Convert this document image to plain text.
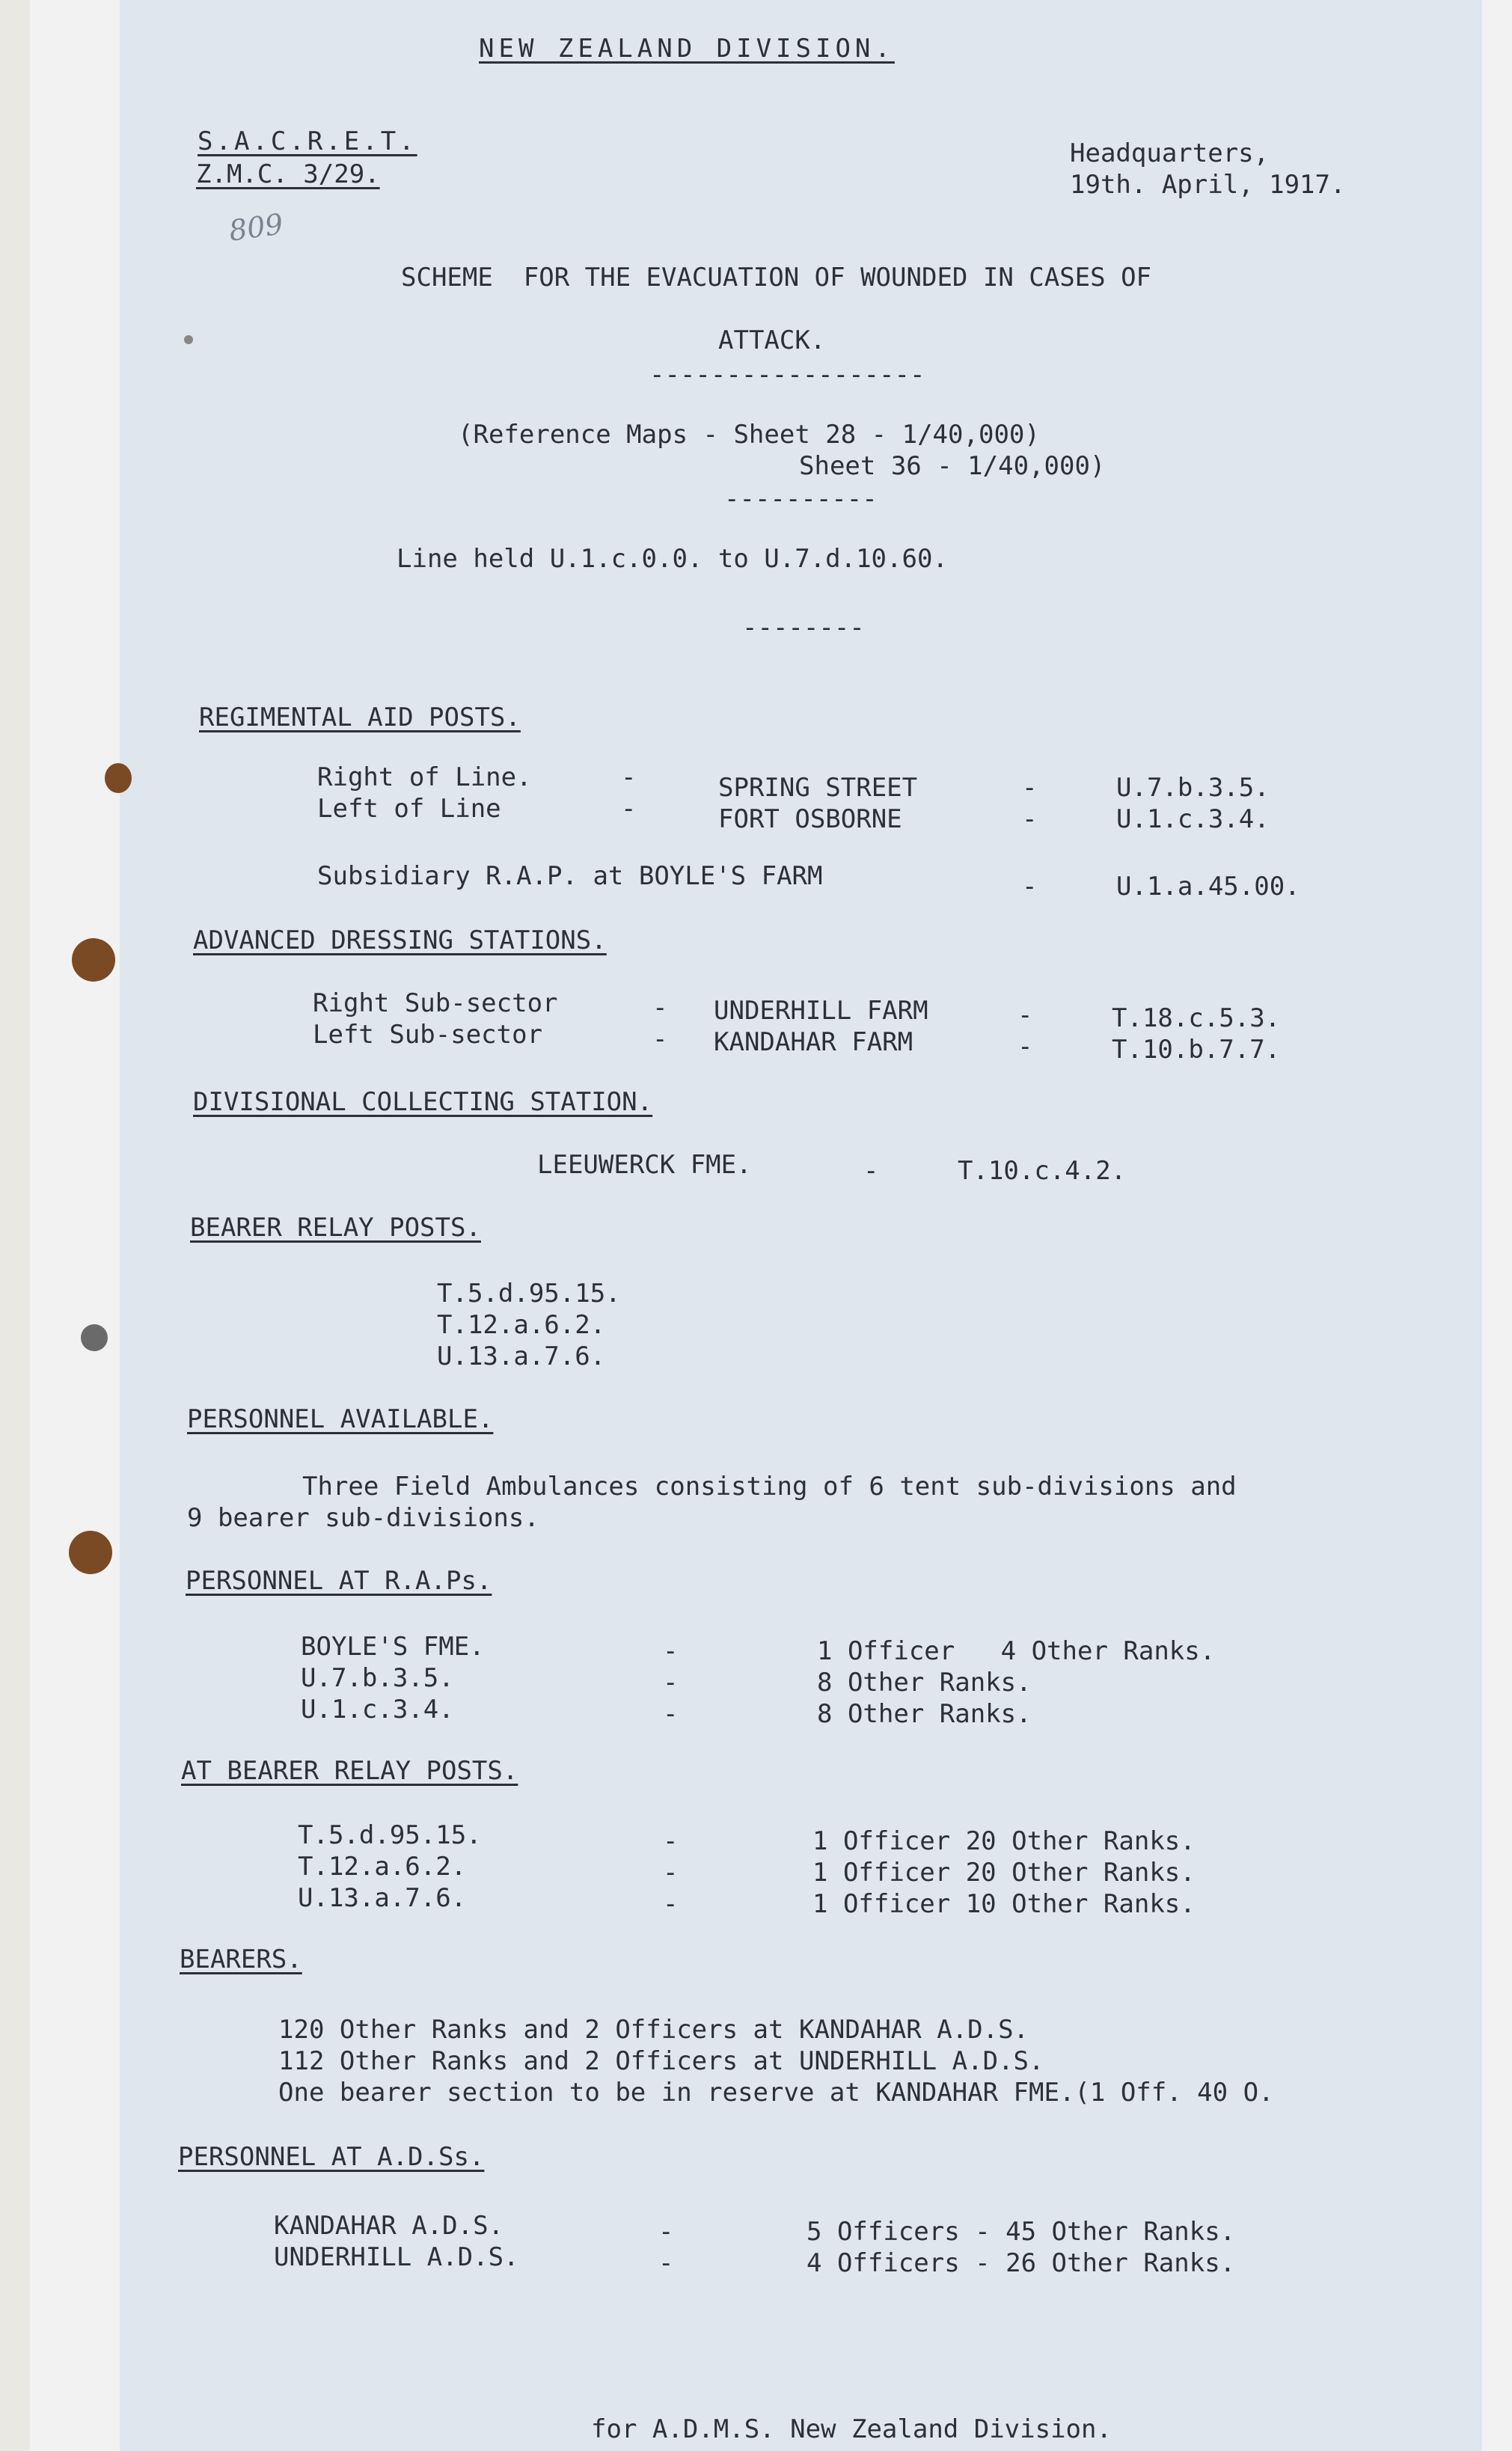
NEW ZEALAND DIVISION.
S.A.C.R.E.T.
Z.M.C. 3/29.
809
Headquarters,
19th. April, 1917.
SCHEME  FOR THE EVACUATION OF WOUNDED IN CASES OF
ATTACK.
------------------
(Reference Maps - Sheet 28 - 1/40,000)
Sheet 36 - 1/40,000)
----------
Line held U.1.c.0.0. to U.7.d.10.60.
--------
REGIMENTAL AID POSTS.
Right of Line.	-	SPRING STREET	-	U.7.b.3.5.
Left of Line	-	FORT OSBORNE	-	U.1.c.3.4.
Subsidiary R.A.P. at BOYLE'S FARM	-	U.1.a.45.00.
ADVANCED DRESSING STATIONS.
Right Sub-sector	- UNDERHILL FARM	-	T.18.c.5.3.
Left Sub-sector	- KANDAHAR FARM	-	T.10.b.7.7.
DIVISIONAL COLLECTING STATION.
LEEUWERCK FME.	-	T.10.c.4.2.
BEARER RELAY POSTS.
T.5.d.95.15.
T.12.a.6.2.
U.13.a.7.6.
PERSONNEL AVAILABLE.
Three Field Ambulances consisting of 6 tent sub-divisions and
9 bearer sub-divisions.
PERSONNEL AT R.A.Ps.
BOYLE'S FME.	-	1 Officer   4 Other Ranks.
U.7.b.3.5.	-	8 Other Ranks.
U.1.c.3.4.	-	8 Other Ranks.
AT BEARER RELAY POSTS.
T.5.d.95.15.	-	1 Officer 20 Other Ranks.
T.12.a.6.2.	-	1 Officer 20 Other Ranks.
U.13.a.7.6.	-	1 Officer 10 Other Ranks.
BEARERS.
120 Other Ranks and 2 Officers at KANDAHAR A.D.S.
112 Other Ranks and 2 Officers at UNDERHILL A.D.S.
One bearer section to be in reserve at KANDAHAR FME.(1 Off. 40 O.
PERSONNEL AT A.D.Ss.
KANDAHAR A.D.S.	-	5 Officers - 45 Other Ranks.
UNDERHILL A.D.S.	-	4 Officers - 26 Other Ranks.
for A.D.M.S. New Zealand Division.
